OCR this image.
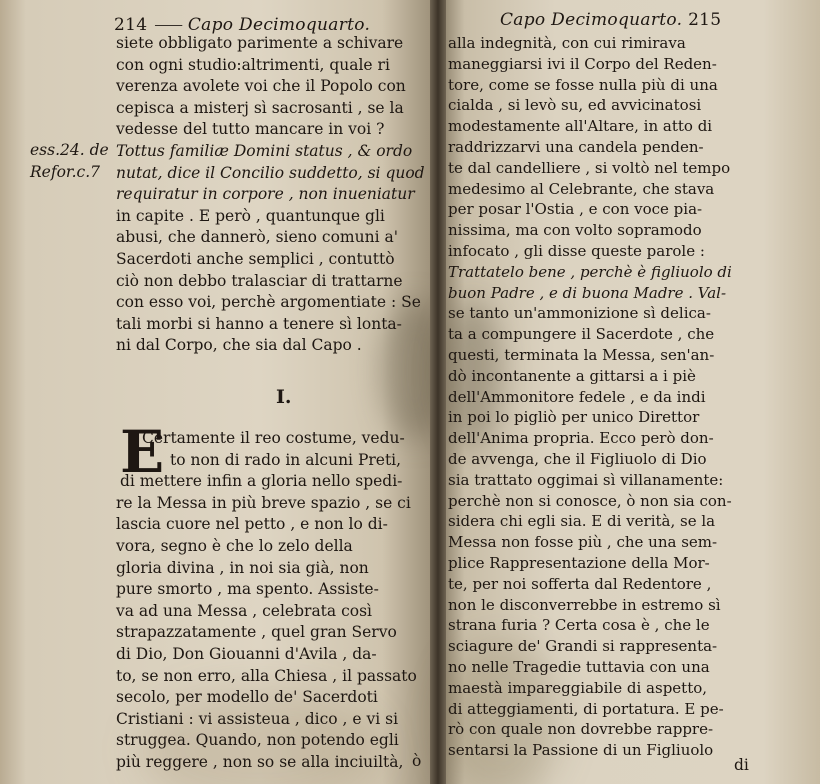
214 ⸺ Capo Decimoquarto.
ess.24. de
Refor.c.7
siete obbligato parimente a schivare
con ogni studio:altrimenti, quale ri
verenza avolete voi che il Popolo con
cepisca a misterj sì sacrosanti , se la
vedesse del tutto mancare in voi ?
Tottus familiæ Domini status , & ordo
nutat, dice il Concilio suddetto, si quod
requiratur in corpore , non inueniatur
in capite . E però , quantunque gli
abusi, che dannerò, sieno comuni a'
Sacerdoti anche semplici , contuttò
ciò non debbo tralasciar di trattarne
con esso voi, perchè argomentiate : Se
tali morbi si hanno a tenere sì lonta-
ni dal Corpo, che sia dal Capo .
I.
E
Certamente il reo costume, vedu-
to non di rado in alcuni Preti,
di mettere infin a gloria nello spedi-
re la Messa in più breve spazio , se ci
lascia cuore nel petto , e non lo di-
vora, segno è che lo zelo della
gloria divina , in noi sia già, non
pure smorto , ma spento. Assiste-
va ad una Messa , celebrata così
strapazzatamente , quel gran Servo
di Dio, Don Giouanni d'Avila , da-
to, se non erro, alla Chiesa , il passato
secolo, per modello de' Sacerdoti
Cristiani : vi assisteua , dico , e vi si
struggea. Quando, non potendo egli
più reggere , non so se alla inciuiltà, ò
Capo Decimoquarto. 215
alla indegnità, con cui rimirava
maneggiarsi ivi il Corpo del Reden-
tore, come se fosse nulla più di una
cialda , si levò su, ed avvicinatosi
modestamente all'Altare, in atto di
raddrizzarvi una candela penden-
te dal candelliere , si voltò nel tempo
medesimo al Celebrante, che stava
per posar l'Ostia , e con voce pia-
nissima, ma con volto sopramodo
infocato , gli disse queste parole :
Trattatelo bene , perchè è figliuolo di
buon Padre , e di buona Madre . Val-
se tanto un'ammonizione sì delica-
ta a compungere il Sacerdote , che
questi, terminata la Messa, sen'an-
dò incontanente a gittarsi a i piè
dell'Ammonitore fedele , e da indi
in poi lo pigliò per unico Direttor
dell'Anima propria. Ecco però don-
de avvenga, che il Figliuolo di Dio
sia trattato oggimai sì villanamente:
perchè non si conosce, ò non sia con-
sidera chi egli sia. E di verità, se la
Messa non fosse più , che una sem-
plice Rappresentazione della Mor-
te, per noi sofferta dal Redentore ,
non le disconverrebbe in estremo sì
strana furia ? Certa cosa è , che le
sciagure de' Grandi si rappresenta-
no nelle Tragedie tuttavia con una
maestà impareggiabile di aspetto,
di atteggiamenti, di portatura. E pe-
rò con quale non dovrebbe rappre-
sentarsi la Passione di un Figliuolo
di
